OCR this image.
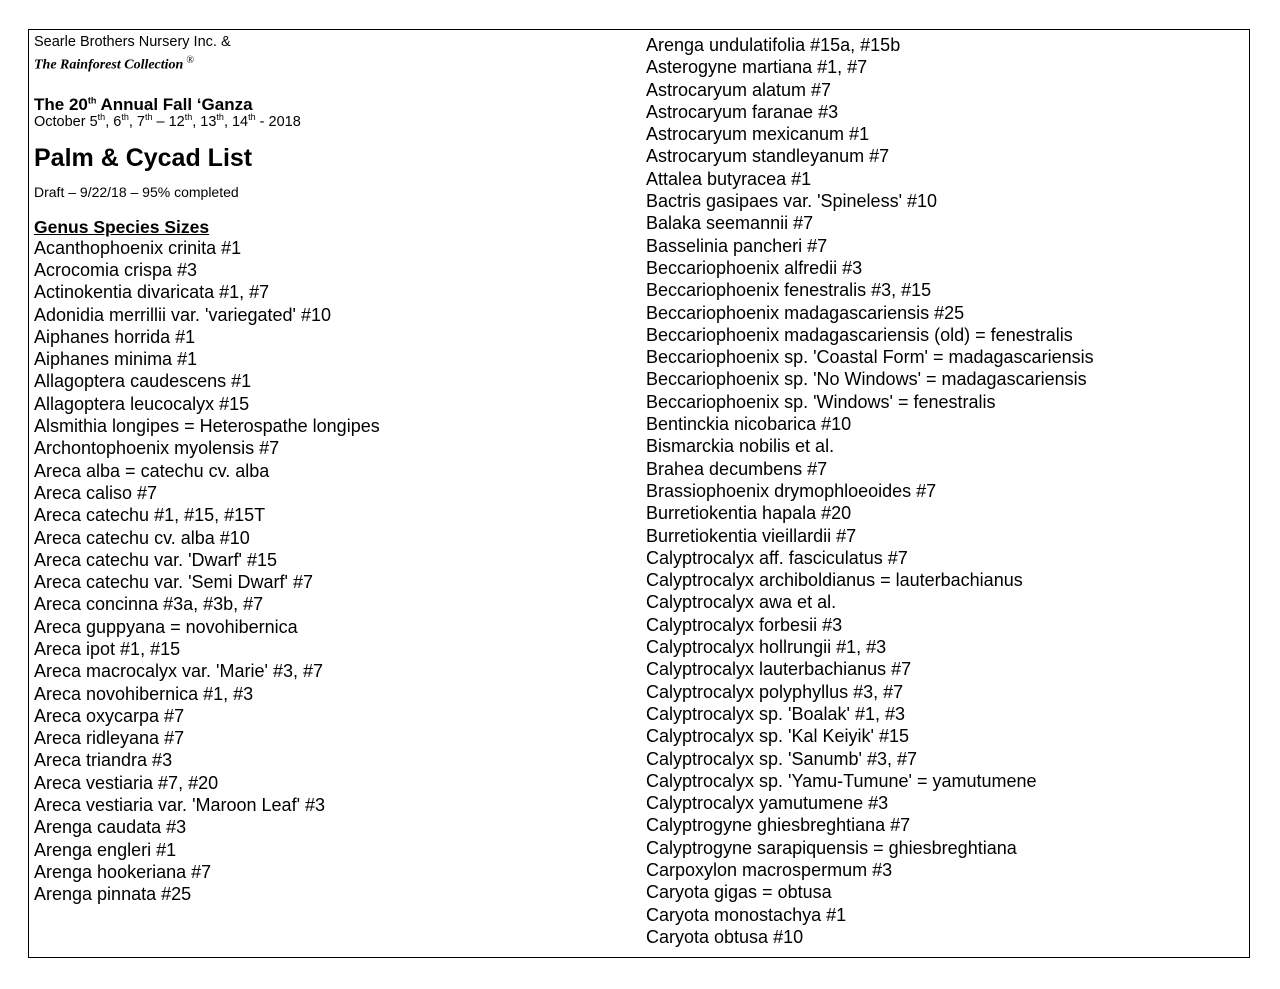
Searle Brothers Nursery Inc. &
The Rainforest Collection ®
The 20th Annual Fall ‘Ganza
October 5th, 6th, 7th – 12th, 13th, 14th - 2018
Palm & Cycad List
Draft – 9/22/18 – 95% completed
Genus Species Sizes
Acanthophoenix crinita #1
Acrocomia crispa #3
Actinokentia divaricata #1, #7
Adonidia merrillii var. 'variegated' #10
Aiphanes horrida #1
Aiphanes minima #1
Allagoptera caudescens #1
Allagoptera leucocalyx #15
Alsmithia longipes = Heterospathe longipes
Archontophoenix myolensis #7
Areca alba = catechu cv. alba
Areca caliso #7
Areca catechu #1, #15, #15T
Areca catechu cv. alba #10
Areca catechu var. 'Dwarf' #15
Areca catechu var. 'Semi Dwarf' #7
Areca concinna #3a, #3b, #7
Areca guppyana = novohibernica
Areca ipot #1, #15
Areca macrocalyx var. 'Marie' #3, #7
Areca novohibernica #1, #3
Areca oxycarpa #7
Areca ridleyana #7
Areca triandra #3
Areca vestiaria #7, #20
Areca vestiaria var. 'Maroon Leaf' #3
Arenga caudata #3
Arenga engleri #1
Arenga hookeriana #7
Arenga pinnata #25
Arenga undulatifolia #15a, #15b
Asterogyne martiana #1, #7
Astrocaryum alatum #7
Astrocaryum faranae #3
Astrocaryum mexicanum #1
Astrocaryum standleyanum #7
Attalea butyracea #1
Bactris gasipaes var. 'Spineless' #10
Balaka seemannii #7
Basselinia pancheri #7
Beccariophoenix alfredii #3
Beccariophoenix fenestralis #3, #15
Beccariophoenix madagascariensis #25
Beccariophoenix madagascariensis (old) = fenestralis
Beccariophoenix sp. 'Coastal Form' = madagascariensis
Beccariophoenix sp. 'No Windows' = madagascariensis
Beccariophoenix sp. 'Windows' = fenestralis
Bentinckia nicobarica #10
Bismarckia nobilis et al.
Brahea decumbens #7
Brassiophoenix drymophloeoides #7
Burretiokentia hapala #20
Burretiokentia vieillardii #7
Calyptrocalyx aff. fasciculatus #7
Calyptrocalyx archiboldianus = lauterbachianus
Calyptrocalyx awa et al.
Calyptrocalyx forbesii #3
Calyptrocalyx hollrungii #1, #3
Calyptrocalyx lauterbachianus #7
Calyptrocalyx polyphyllus #3, #7
Calyptrocalyx sp. 'Boalak' #1, #3
Calyptrocalyx sp. 'Kal Keiyik' #15
Calyptrocalyx sp. 'Sanumb' #3, #7
Calyptrocalyx sp. 'Yamu-Tumune' = yamutumene
Calyptrocalyx yamutumene #3
Calyptrogyne ghiesbreghtiana #7
Calyptrogyne sarapiquensis = ghiesbreghtiana
Carpoxylon macrospermum #3
Caryota gigas = obtusa
Caryota monostachya #1
Caryota obtusa #10
